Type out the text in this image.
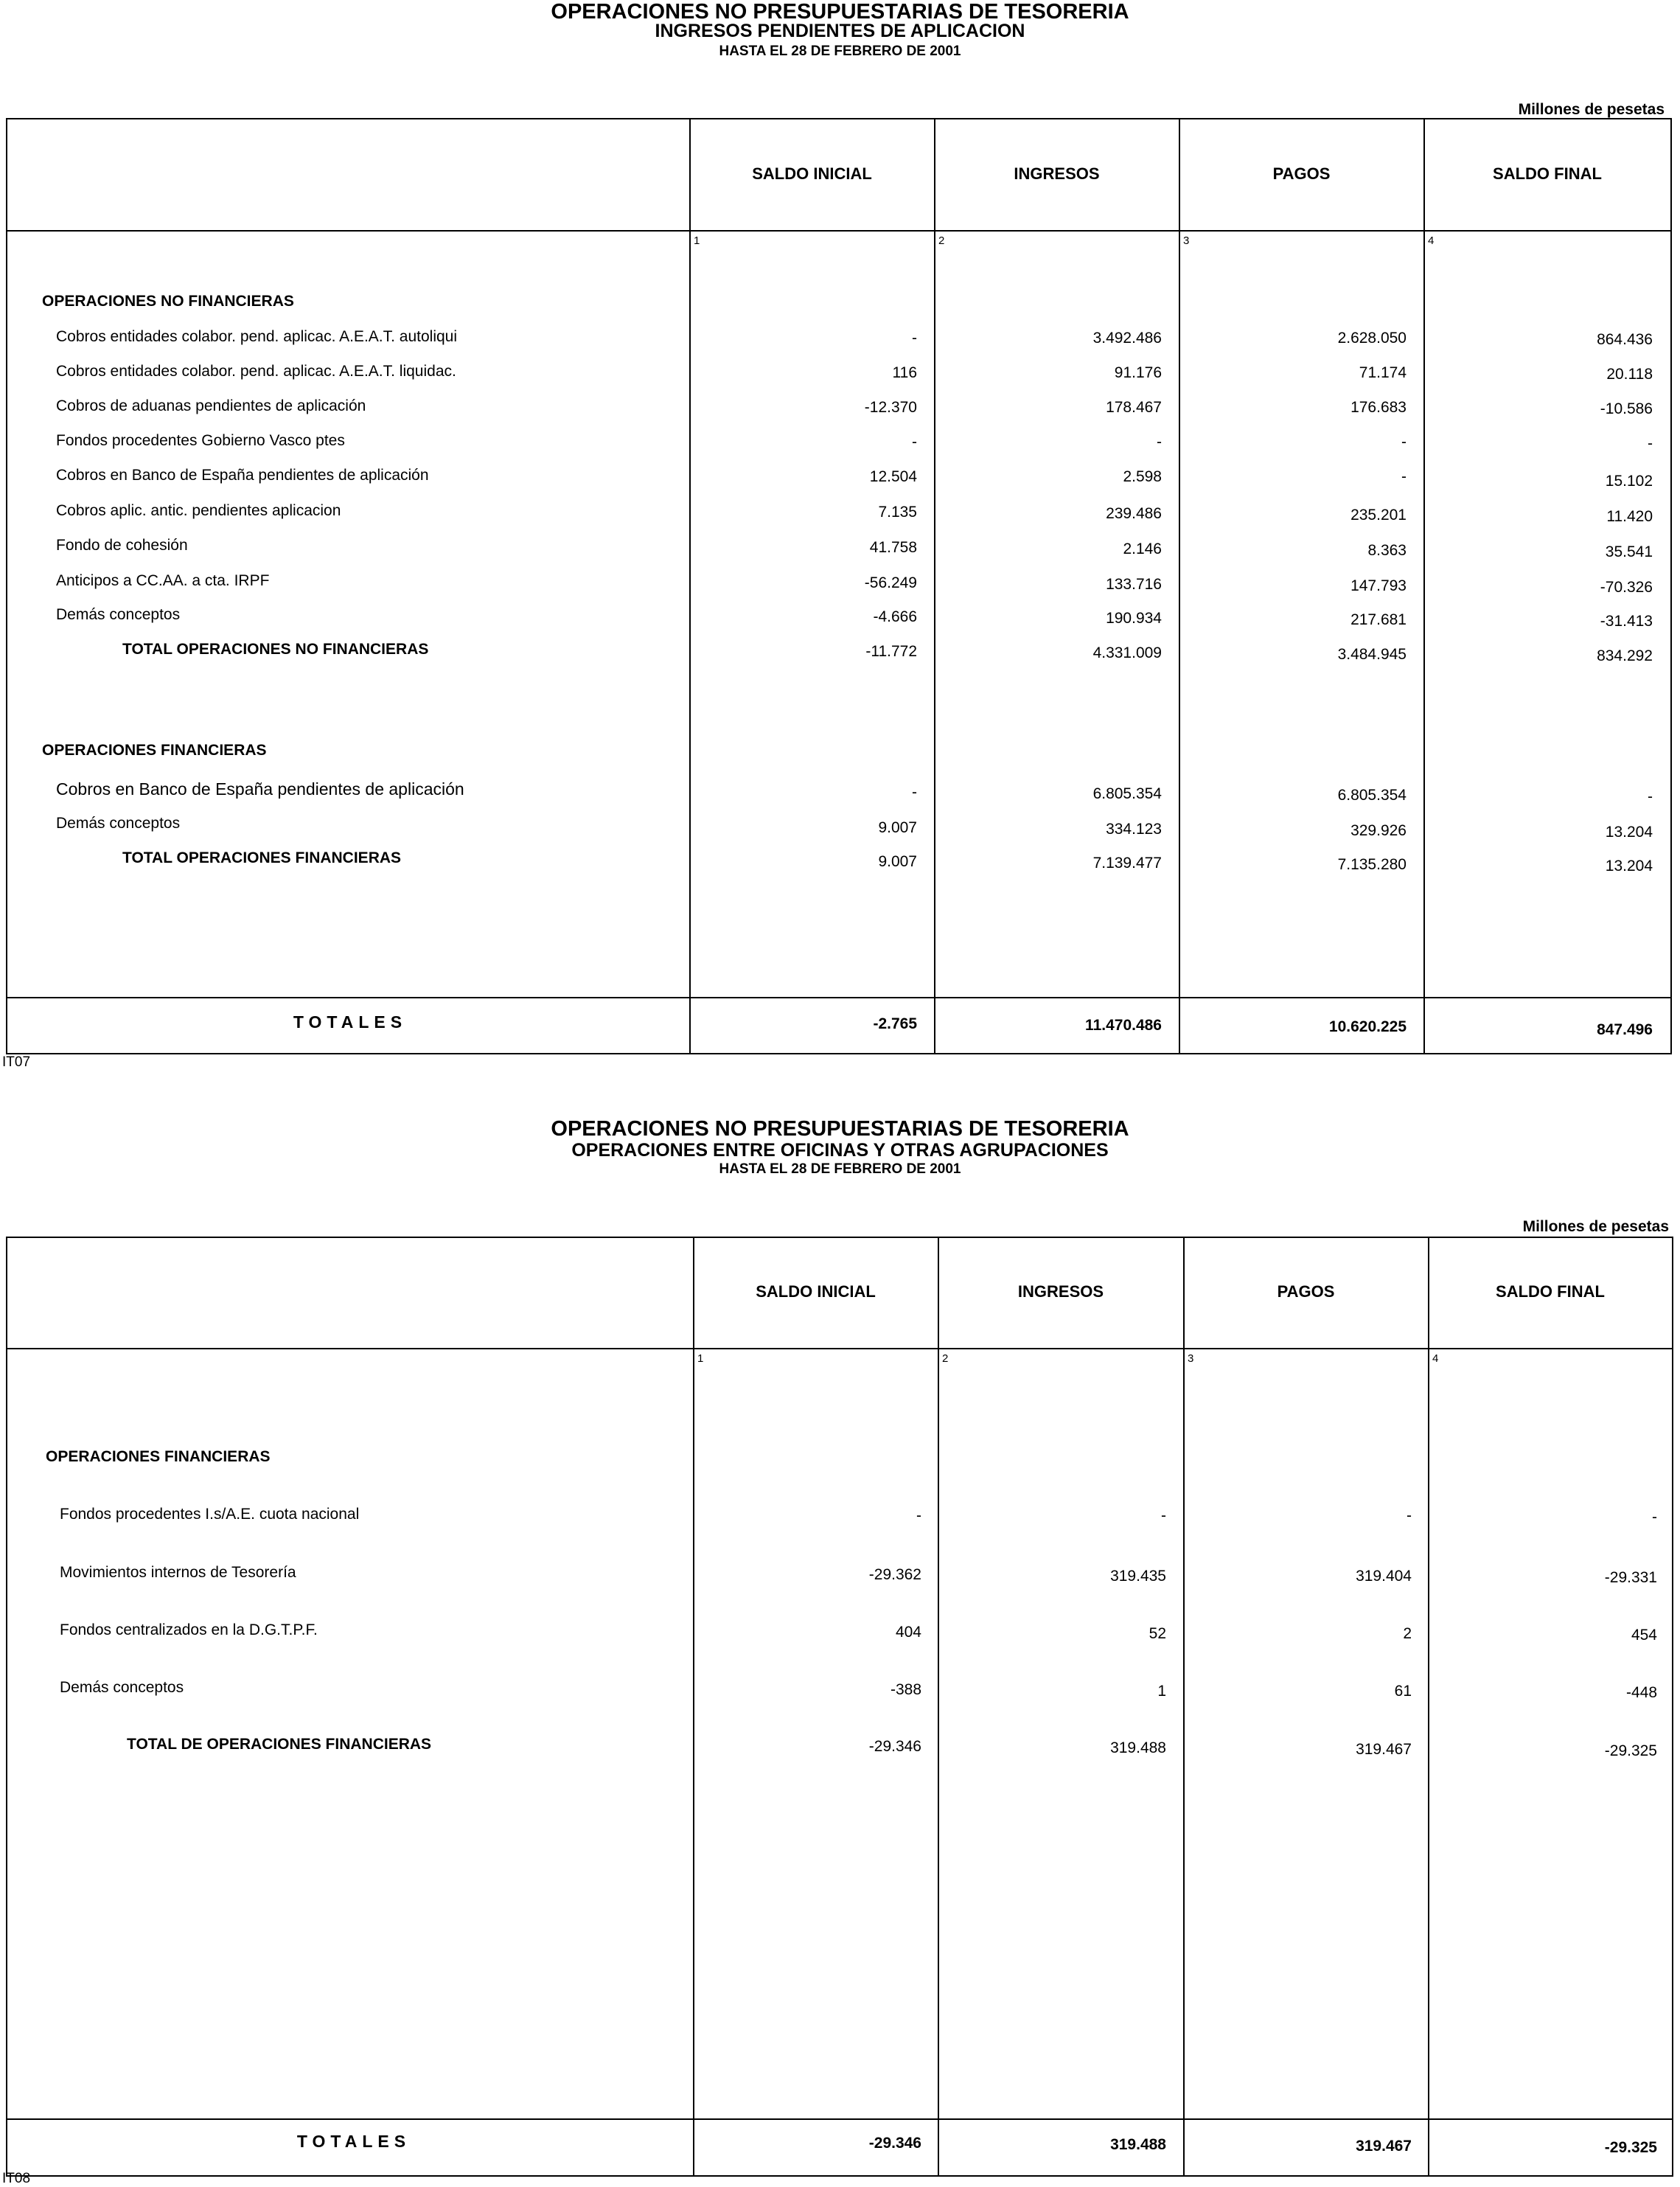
OPERACIONES NO PRESUPUESTARIAS DE TESORERIA
INGRESOS PENDIENTES DE APLICACION
HASTA EL 28 DE FEBRERO DE 2001
Millones de pesetas
SALDO INICIAL	INGRESOS	PAGOS	SALDO FINAL
1	2	3	4
OPERACIONES NO FINANCIERAS
Cobros entidades colabor. pend. aplicac. A.E.A.T. autoliqui	-	3.492.486	2.628.050	864.436
Cobros entidades colabor. pend. aplicac. A.E.A.T. liquidac.	116	91.176	71.174	20.118
Cobros de aduanas pendientes de aplicación	-12.370	178.467	176.683	-10.586
Fondos procedentes Gobierno Vasco ptes	-	-	-	-
Cobros en Banco de España pendientes de aplicación	12.504	2.598	-	15.102
Cobros aplic. antic. pendientes aplicacion	7.135	239.486	235.201	11.420
Fondo de cohesión	41.758	2.146	8.363	35.541
Anticipos a CC.AA. a cta. IRPF	-56.249	133.716	147.793	-70.326
Demás conceptos	-4.666	190.934	217.681	-31.413
TOTAL OPERACIONES NO FINANCIERAS	-11.772	4.331.009	3.484.945	834.292
OPERACIONES FINANCIERAS
Cobros en Banco de España pendientes de aplicación	-	6.805.354	6.805.354	-
Demás conceptos	9.007	334.123	329.926	13.204
TOTAL OPERACIONES FINANCIERAS	9.007	7.139.477	7.135.280	13.204
TOTALES	-2.765	11.470.486	10.620.225	847.496
IT07
OPERACIONES NO PRESUPUESTARIAS DE TESORERIA
OPERACIONES ENTRE OFICINAS Y OTRAS AGRUPACIONES
HASTA EL 28 DE FEBRERO DE 2001
Millones de pesetas
SALDO INICIAL	INGRESOS	PAGOS	SALDO FINAL
1	2	3	4
OPERACIONES FINANCIERAS
Fondos procedentes I.s/A.E. cuota nacional	-	-	-	-
Movimientos internos de Tesorería	-29.362	319.435	319.404	-29.331
Fondos centralizados en la D.G.T.P.F.	404	52	2	454
Demás conceptos	-388	1	61	-448
TOTAL DE OPERACIONES FINANCIERAS	-29.346	319.488	319.467	-29.325
TOTALES	-29.346	319.488	319.467	-29.325
IT08
